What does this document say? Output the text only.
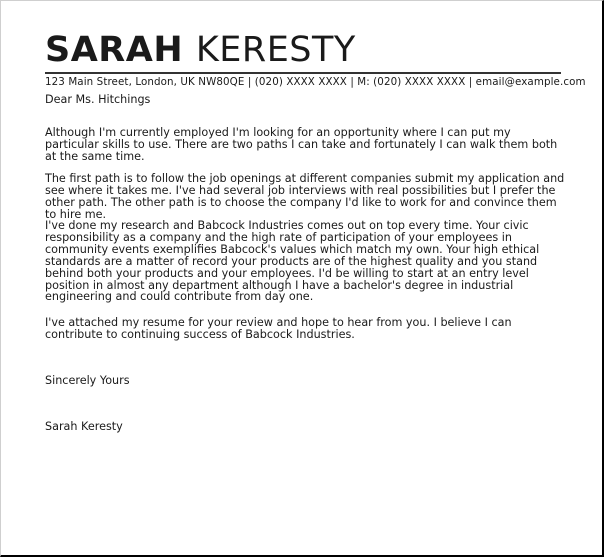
SARAH KERESTY
123 Main Street, London, UK NW80QE | (020) XXXX XXXX | M: (020) XXXX XXXX | email@example.com
Dear Ms. Hitchings

Although I'm currently employed I'm looking for an opportunity where I can put my particular skills to use. There are two paths I can take and fortunately I can walk them both at the same time.

The first path is to follow the job openings at different companies submit my application and see where it takes me. I've had several job interviews with real possibilities but I prefer the other path. The other path is to choose the company I'd like to work for and convince them to hire me.

I've done my research and Babcock Industries comes out on top every time. Your civic responsibility as a company and the high rate of participation of your employees in community events exemplifies Babcock's values which match my own. Your high ethical standards are a matter of record your products are of the highest quality and you stand behind both your products and your employees. I'd be willing to start at an entry level position in almost any department although I have a bachelor's degree in industrial engineering and could contribute from day one.

I've attached my resume for your review and hope to hear from you. I believe I can contribute to continuing success of Babcock Industries.

Sincerely Yours
Sarah Keresty
